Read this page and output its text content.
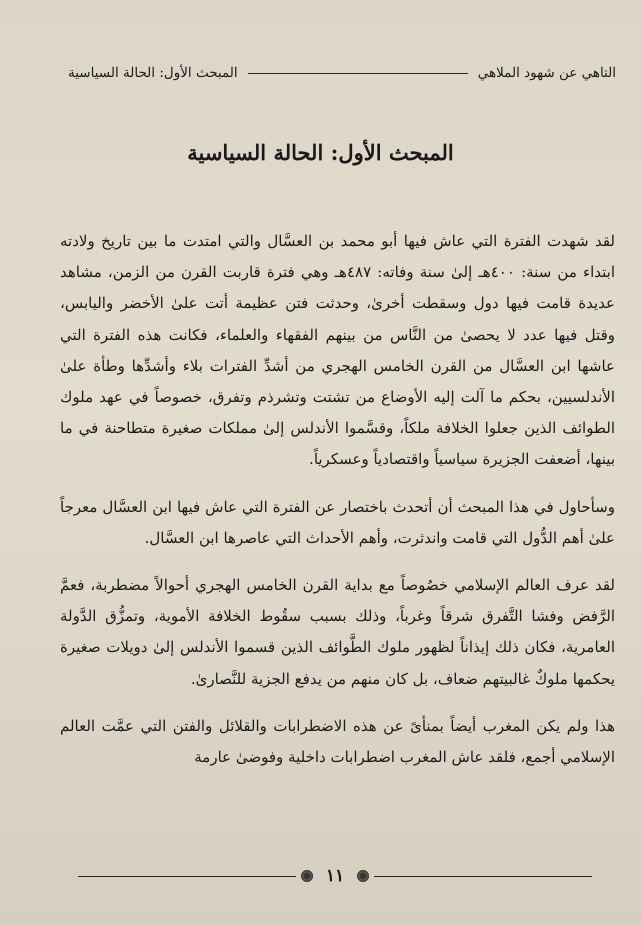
التاهي عن شهود الملاهي
المبحث الأول: الحالة السياسية
المبحث الأول: الحالة السياسية

لقد شهدت الفترة التي عاش فيها أبو محمد بن العسَّال والتي امتدت ما بين تاريخ ولادته ابتداء من سنة: ٤٠٠هـ إلىٰ سنة وفاته: ٤٨٧هـ وهي فترة قاربت القرن من الزمن، مشاهد عديدة قامت فيها دول وسقطت أخرىٰ، وحدثت فتن عظيمة أتت علىٰ الأخضر واليابس، وقتل فيها عدد لا يحصىٰ من النَّاس من بينهم الفقهاء والعلماء، فكانت هذه الفترة التي عاشها ابن العسَّال من القرن الخامس الهجري من أشدِّ الفترات بلاء وأشدِّها وطأة علىٰ الأندلسيين، بحكم ما آلت إليه الأوضاع من تشتت وتشرذم وتفرق، خصوصاً في عهد ملوك الطوائف الذين جعلوا الخلافة ملكاً، وقسَّموا الأندلس إلىٰ مملكات صغيرة متطاحنة في ما بينها، أضعفت الجزيرة سياسياً واقتصادياً وعسكرياً.

وسأحاول في هذا المبحث أن أتحدث باختصار عن الفترة التي عاش فيها ابن العسَّال معرجاً علىٰ أهم الدُّول التي قامت واندثرت، وأهم الأحداث التي عاصرها ابن العسَّال.

لقد عرف العالم الإسلامي خصُوصاً مع بداية القرن الخامس الهجري أحوالاً مضطربة، فعمَّ الرَّفض وفشا التَّفرق شرقاً وغرباً، وذلك بسبب سقُوط الخلافة الأموية، وتمزُّق الدَّولة العامرية، فكان ذلك إيذاناً لظهور ملوك الطَّوائف الذين قسموا الأندلس إلىٰ دويلات صغيرة يحكمها ملوكٌ غالبيتهم ضعاف، بل كان منهم من يدفع الجزية للنَّصارىٰ.

هذا ولم يكن المغرب أيضاً بمنأىً عن هذه الاضطرابات والقلائل والفتن التي عمَّت العالم الإسلامي أجمع، فلقد عاش المغرب اضطرابات داخلية وفوضىٰ عارمة

١١
